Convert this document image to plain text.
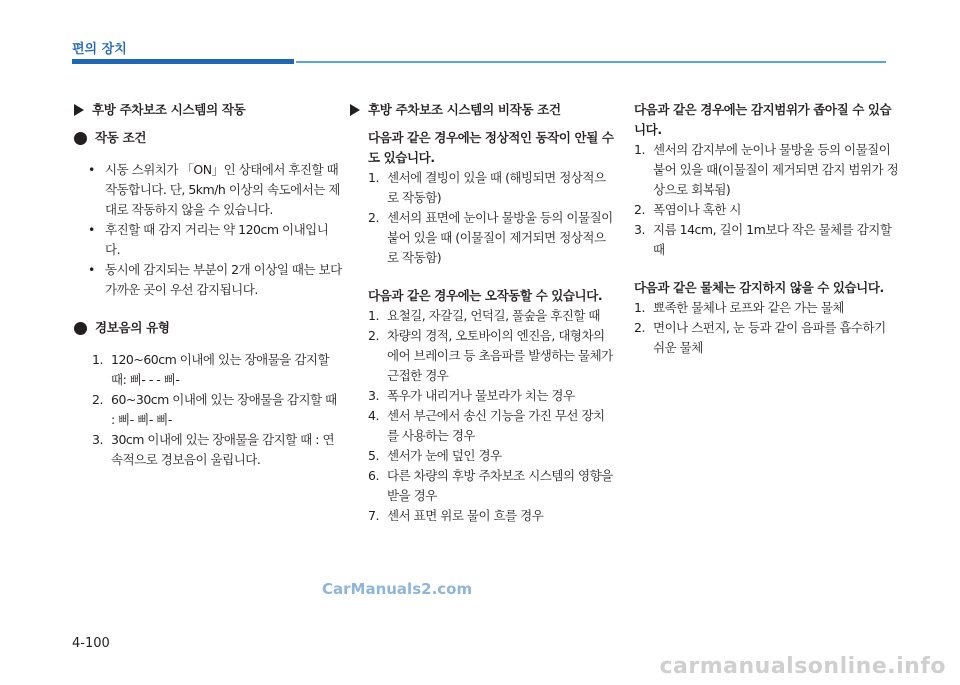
편의 장치
후방 주차보조 시스템의 작동
작동 조건
• 시동 스위치가 「ON」인 상태에서 후진할 때 작동합니다. 단, 5km/h 이상의 속도에서는 제대로 작동하지 않을 수 있습니다.
• 후진할 때 감지 거리는 약 120cm 이내입니다.
• 동시에 감지되는 부분이 2개 이상일 때는 보다 가까운 곳이 우선 감지됩니다.
경보음의 유형
1. 120~60cm 이내에 있는 장애물을 감지할 때: 삐- - - 삐-
2. 60~30cm 이내에 있는 장애물을 감지할 때 : 삐- 삐- 삐-
3. 30cm 이내에 있는 장애물을 감지할 때 : 연속적으로 경보음이 울립니다.
후방 주차보조 시스템의 비작동 조건
다음과 같은 경우에는 정상적인 동작이 안될 수도 있습니다.
1. 센서에 결빙이 있을 때 (해빙되면 정상적으로 작동함)
2. 센서의 표면에 눈이나 물방울 등의 이물질이 붙어 있을 때 (이물질이 제거되면 정상적으로 작동함)
다음과 같은 경우에는 오작동할 수 있습니다.
1. 요철길, 자갈길, 언덕길, 풀숲을 후진할 때
2. 차량의 경적, 오토바이의 엔진음, 대형차의 에어 브레이크 등 초음파를 발생하는 물체가 근접한 경우
3. 폭우가 내리거나 물보라가 치는 경우
4. 센서 부근에서 송신 기능을 가진 무선 장치를 사용하는 경우
5. 센서가 눈에 덮인 경우
6. 다른 차량의 후방 주차보조 시스템의 영향을 받을 경우
7. 센서 표면 위로 물이 흐를 경우
다음과 같은 경우에는 감지범위가 좁아질 수 있습니다.
1. 센서의 감지부에 눈이나 물방울 등의 이물질이 붙어 있을 때(이물질이 제거되면 감지 범위가 정상으로 회복됨)
2. 폭염이나 혹한 시
3. 지름 14cm, 길이 1m보다 작은 물체를 감지할 때
다음과 같은 물체는 감지하지 않을 수 있습니다.
1. 뾰족한 물체나 로프와 같은 가는 물체
2. 면이나 스펀지, 눈 등과 같이 음파를 흡수하기 쉬운 물체
CarManuals2.com
4-100
carmanualsonline.info
